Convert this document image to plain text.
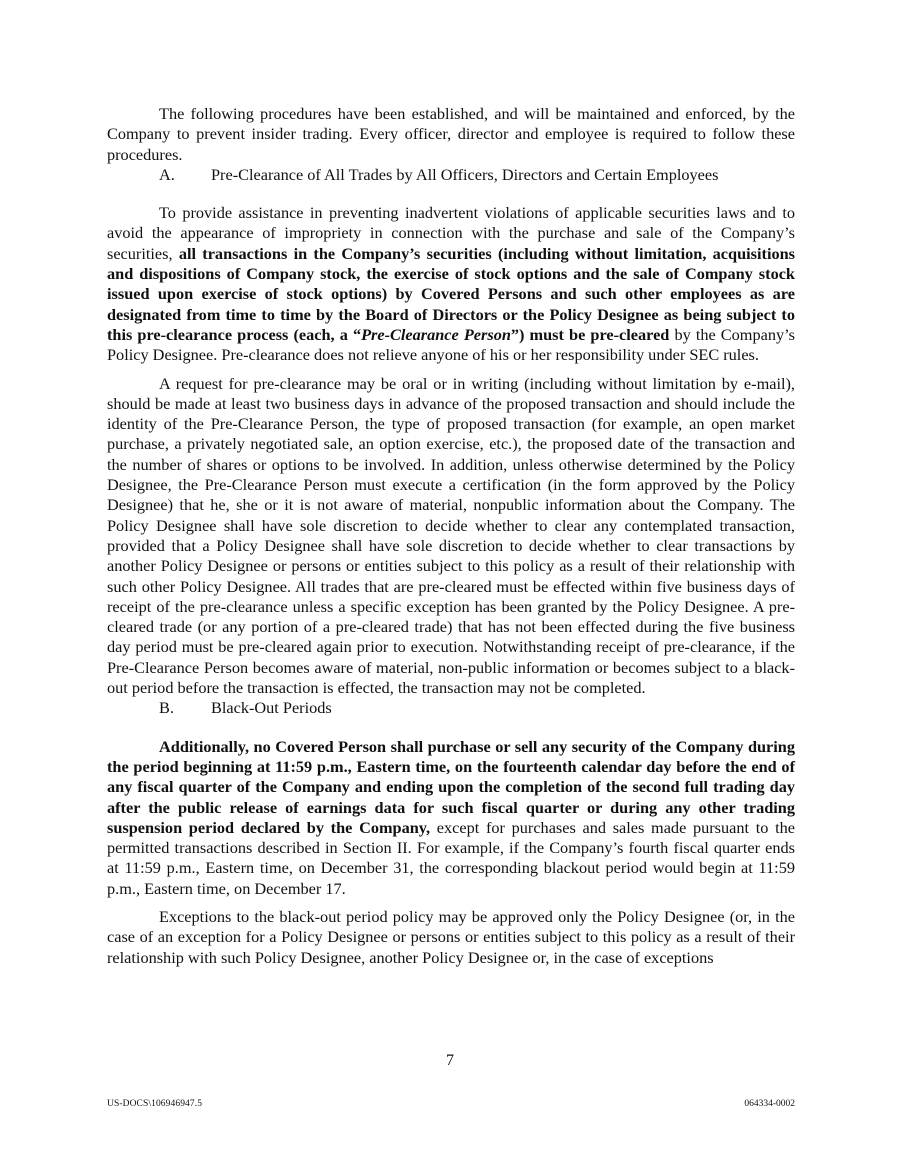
The following procedures have been established, and will be maintained and enforced, by the Company to prevent insider trading. Every officer, director and employee is required to follow these procedures.

A.	Pre-Clearance of All Trades by All Officers, Directors and Certain Employees

To provide assistance in preventing inadvertent violations of applicable securities laws and to avoid the appearance of impropriety in connection with the purchase and sale of the Company’s securities, all transactions in the Company’s securities (including without limitation, acquisitions and dispositions of Company stock, the exercise of stock options and the sale of Company stock issued upon exercise of stock options) by Covered Persons and such other employees as are designated from time to time by the Board of Directors or the Policy Designee as being subject to this pre-clearance process (each, a “Pre-Clearance Person”) must be pre-cleared by the Company’s Policy Designee. Pre-clearance does not relieve anyone of his or her responsibility under SEC rules.

A request for pre-clearance may be oral or in writing (including without limitation by e-mail), should be made at least two business days in advance of the proposed transaction and should include the identity of the Pre-Clearance Person, the type of proposed transaction (for example, an open market purchase, a privately negotiated sale, an option exercise, etc.), the proposed date of the transaction and the number of shares or options to be involved. In addition, unless otherwise determined by the Policy Designee, the Pre-Clearance Person must execute a certification (in the form approved by the Policy Designee) that he, she or it is not aware of material, nonpublic information about the Company. The Policy Designee shall have sole discretion to decide whether to clear any contemplated transaction, provided that a Policy Designee shall have sole discretion to decide whether to clear transactions by another Policy Designee or persons or entities subject to this policy as a result of their relationship with such other Policy Designee. All trades that are pre-cleared must be effected within five business days of receipt of the pre-clearance unless a specific exception has been granted by the Policy Designee. A pre-cleared trade (or any portion of a pre-cleared trade) that has not been effected during the five business day period must be pre-cleared again prior to execution. Notwithstanding receipt of pre-clearance, if the Pre-Clearance Person becomes aware of material, non-public information or becomes subject to a black-out period before the transaction is effected, the transaction may not be completed.

B.	Black-Out Periods

Additionally, no Covered Person shall purchase or sell any security of the Company during the period beginning at 11:59 p.m., Eastern time, on the fourteenth calendar day before the end of any fiscal quarter of the Company and ending upon the completion of the second full trading day after the public release of earnings data for such fiscal quarter or during any other trading suspension period declared by the Company, except for purchases and sales made pursuant to the permitted transactions described in Section II. For example, if the Company’s fourth fiscal quarter ends at 11:59 p.m., Eastern time, on December 31, the corresponding blackout period would begin at 11:59 p.m., Eastern time, on December 17.

Exceptions to the black-out period policy may be approved only the Policy Designee (or, in the case of an exception for a Policy Designee or persons or entities subject to this policy as a result of their relationship with such Policy Designee, another Policy Designee or, in the case of exceptions

7
US-DOCS\106946947.5	064334-0002
